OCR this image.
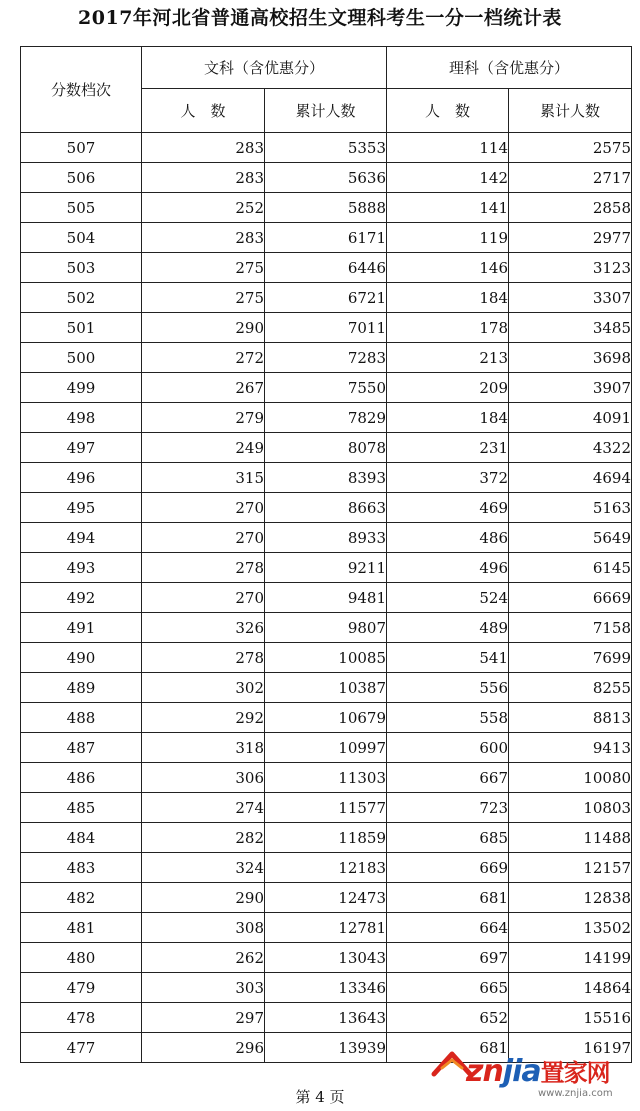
2017年河北省普通高校招生文理科考生一分一档统计表
分数档次	文科（含优惠分）		理科（含优惠分）	
	人　数	累计人数	人　数	累计人数
507	283	5353	114	2575
506	283	5636	142	2717
505	252	5888	141	2858
504	283	6171	119	2977
503	275	6446	146	3123
502	275	6721	184	3307
501	290	7011	178	3485
500	272	7283	213	3698
499	267	7550	209	3907
498	279	7829	184	4091
497	249	8078	231	4322
496	315	8393	372	4694
495	270	8663	469	5163
494	270	8933	486	5649
493	278	9211	496	6145
492	270	9481	524	6669
491	326	9807	489	7158
490	278	10085	541	7699
489	302	10387	556	8255
488	292	10679	558	8813
487	318	10997	600	9413
486	306	11303	667	10080
485	274	11577	723	10803
484	282	11859	685	11488
483	324	12183	669	12157
482	290	12473	681	12838
481	308	12781	664	13502
480	262	13043	697	14199
479	303	13346	665	14864
478	297	13643	652	15516
477	296	13939	681	16197
第 4 页
znjia置家网
www.znjia.com
